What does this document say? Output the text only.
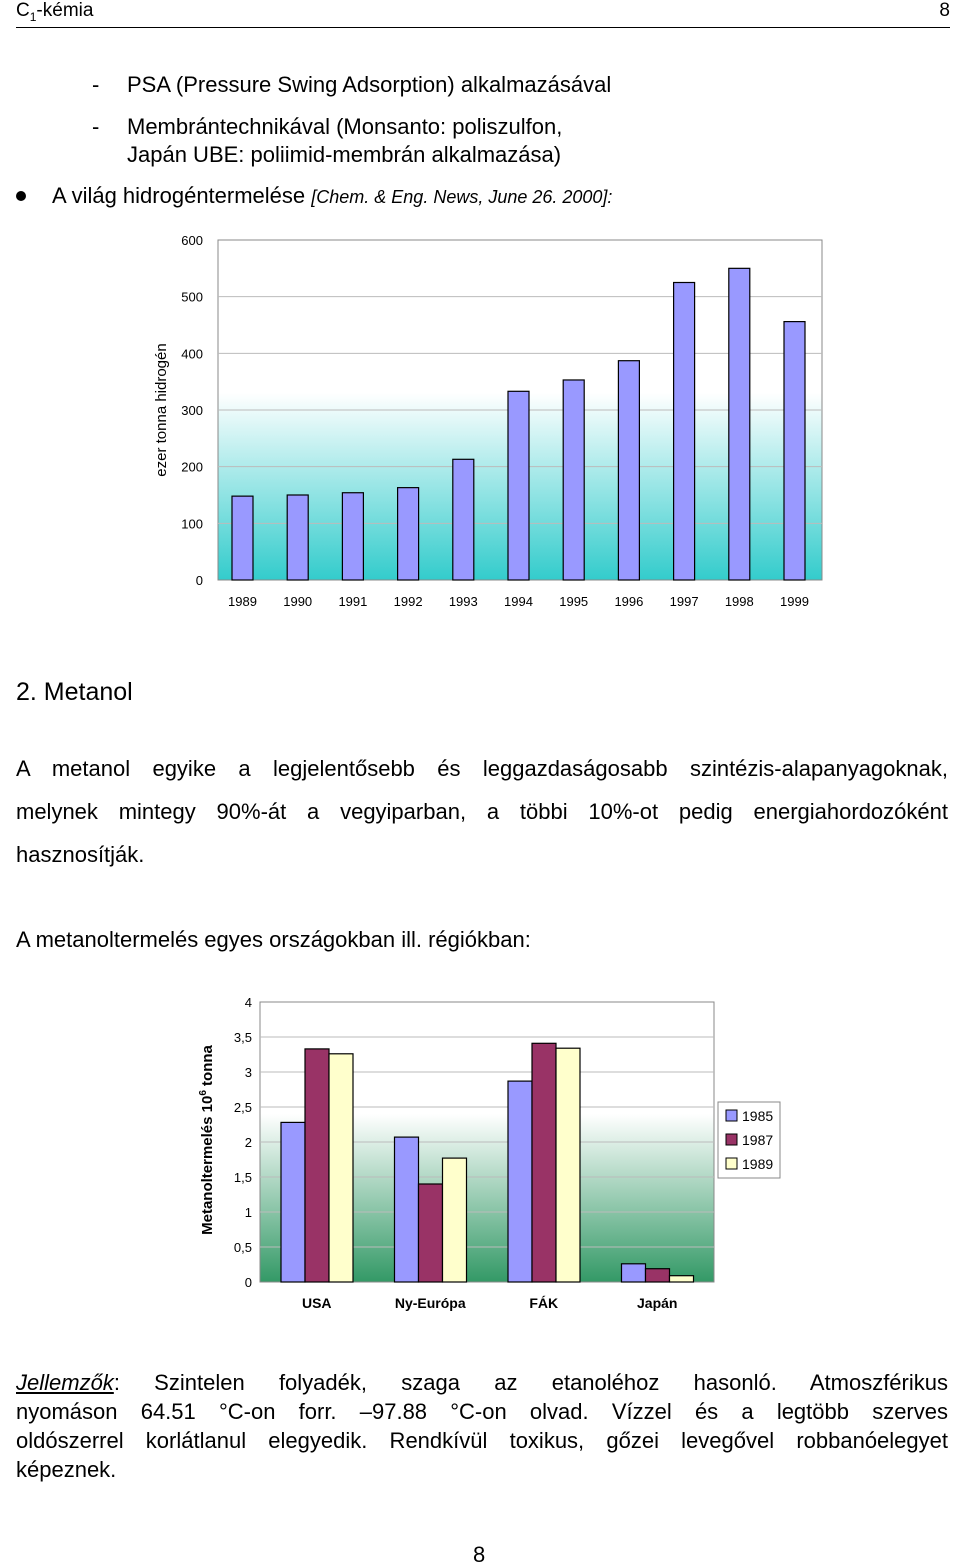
$C_1$-kémia	8
- PSA (Pressure Swing Adsorption) alkalmazásával
- Membrántechnikával (Monsanto: poliszulfon,
Japán UBE: poliimid-membrán alkalmazása)
A világ hidrogéntermelése [Chem. & Eng. News, June 26. 2000]:
0
100
200
300
400
500
600
1989 1990 1991 1992 1993 1994 1995 1996 1997 1998 1999
ezer tonna hidrogén
2. Metanol
A metanol egyike a legjelentősebb és leggazdaságosabb szintézis-alapanyagoknak,
melynek mintegy 90%-át a vegyiparban, a többi 10%-ot pedig energiahordozóként
hasznosítják.
A metanoltermelés egyes országokban ill. régiókban:
0
0,5
1
1,5
2
2,5
3
3,5
4
USA	Ny-Európa	FÁK	Japán
Metanoltermelés $10^6$ tonna
1985
1987
1989
Jellemzők: Szintelen folyadék, szaga az etanoléhoz hasonló. Atmoszférikus
nyomáson 64.51 °C-on forr. –97.88 °C-on olvad. Vízzel és a legtöbb szerves
oldószerrel korlátlanul elegyedik. Rendkívül toxikus, gőzei levegővel robbanóelegyet
képeznek.
8
